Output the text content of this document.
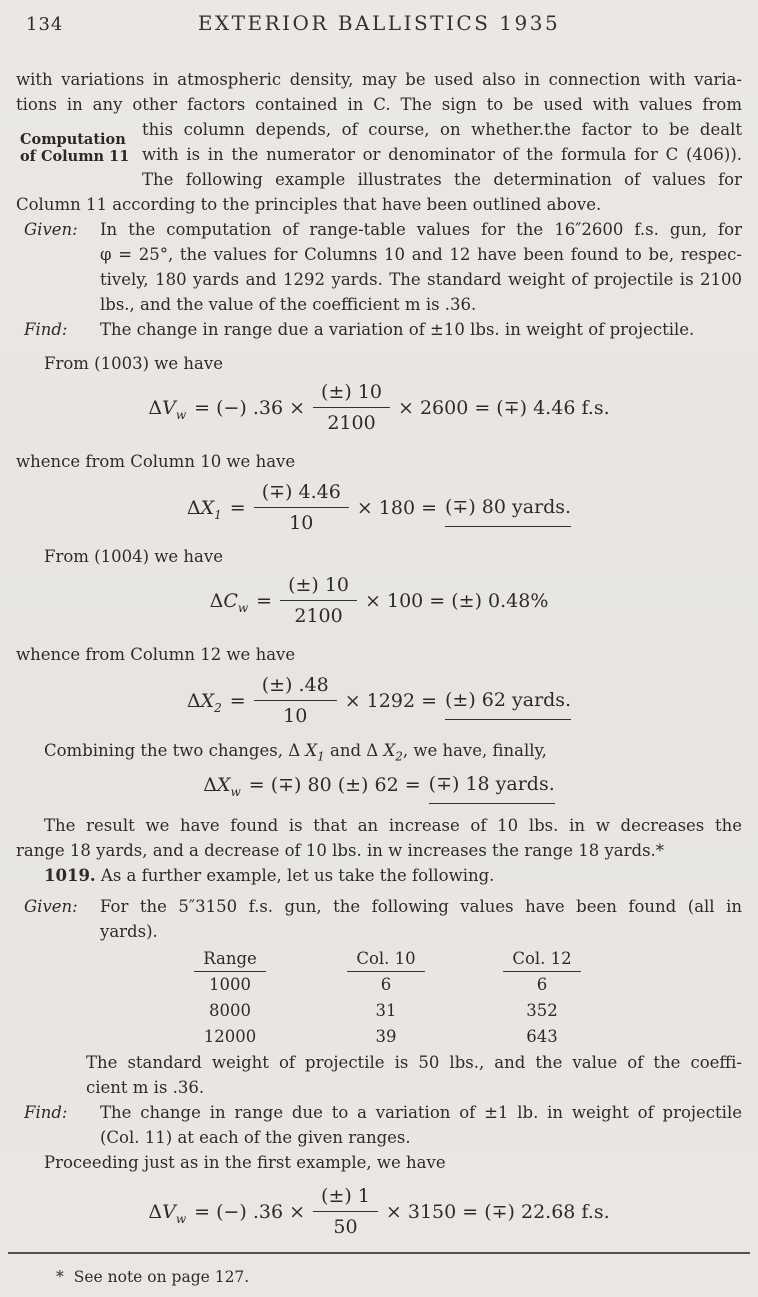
134	EXTERIOR BALLISTICS 1935
Computation
of Column 11
with variations in atmospheric density, may be used also in connection with varia-
tions in any other factors contained in C. The sign to be used with values from
this column depends, of course, on whether.the factor to be dealt
with is in the numerator or denominator of the formula for C (406)).
The following example illustrates the determination of values for
Column 11 according to the principles that have been outlined above.
Given: In the computation of range-table values for the 16″2600 f.s. gun, for
φ = 25°, the values for Columns 10 and 12 have been found to be, respec-
tively, 180 yards and 1292 yards. The standard weight of projectile is 2100
lbs., and the value of the coefficient m is .36.
Find: The change in range due a variation of ±10 lbs. in weight of projectile.
From (1003) we have
$\Delta V_w$ = (−) $.36 \times \frac{(\pm) 10}{2100} \times 2600$ = (∓) 4.46 f.s.
whence from Column 10 we have
$\Delta X_1 = \frac{(\mp) 4.46}{10} \times 180$ = (∓) 80 yards.
From (1004) we have
$\Delta C_w = \frac{(\pm) 10}{2100} \times 100$ = (±) 0.48%
whence from Column 12 we have
$\Delta X_2 = \frac{(\pm) .48}{10} \times 1292$ = (±) 62 yards.
Combining the two changes, Δ $X_1$ and Δ $X_2$, we have, finally,
$\Delta X_w$ = (∓) 80 (±) 62 = (∓) 18 yards.
The result we have found is that an increase of 10 lbs. in w decreases the
range 18 yards, and a decrease of 10 lbs. in w increases the range 18 yards.*
1019. As a further example, let us take the following.
Given: For the 5″3150 f.s. gun, the following values have been found (all in
yards).
Range	Col. 10	Col. 12
1000	6	6
8000	31	352
12000	39	643
The standard weight of projectile is 50 lbs., and the value of the coeffi-
cient m is .36.
Find: The change in range due to a variation of ±1 lb. in weight of projectile
(Col. 11) at each of the given ranges.
Proceeding just as in the first example, we have
$\Delta V_w$ = (−) $.36 \times \frac{(\pm) 1}{50} \times 3150$ = (∓) 22.68 f.s.
* See note on page 127.
